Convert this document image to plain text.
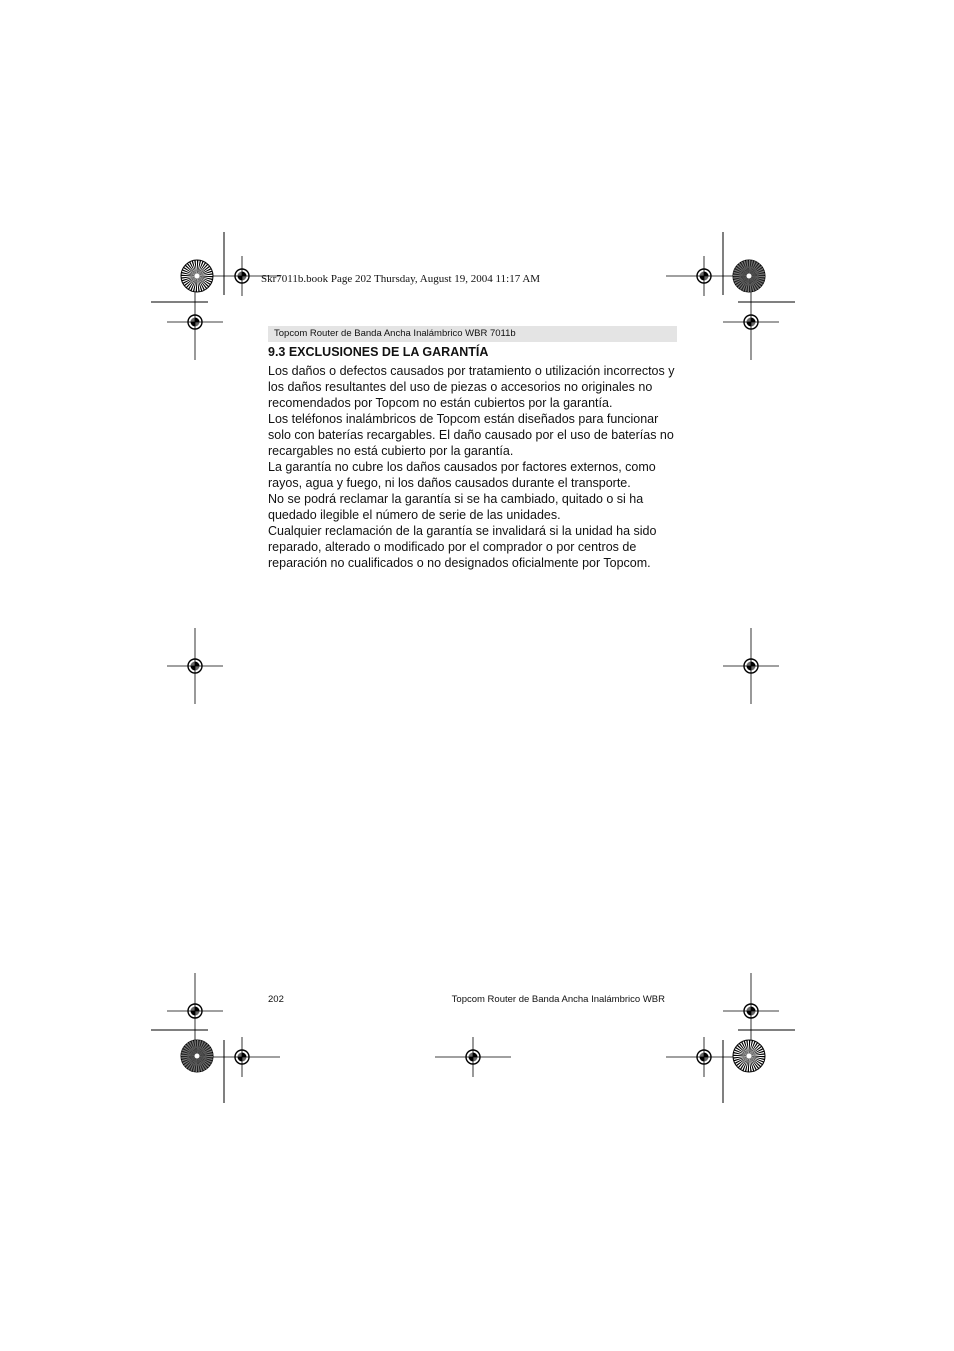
Skr7011b.book Page 202 Thursday, August 19, 2004 11:17 AM
Topcom Router de Banda Ancha Inalámbrico WBR 7011b
9.3 EXCLUSIONES DE LA GARANTÍA

Los daños o defectos causados por tratamiento o utilización incorrectos y los daños resultantes del uso de piezas o accesorios no originales no recomendados por Topcom no están cubiertos por la garantía.

Los teléfonos inalámbricos de Topcom están diseñados para funcionar solo con baterías recargables. El daño causado por el uso de baterías no recargables no está cubierto por la garantía.

La garantía no cubre los daños causados por factores externos, como rayos, agua y fuego, ni los daños causados durante el transporte.

No se podrá reclamar la garantía si se ha cambiado, quitado o si ha quedado ilegible el número de serie de las unidades.

Cualquier reclamación de la garantía se invalidará si la unidad ha sido reparado, alterado o modificado por el comprador o por centros de reparación no cualificados o no designados oficialmente por Topcom.

202	Topcom Router de Banda Ancha Inalámbrico WBR
